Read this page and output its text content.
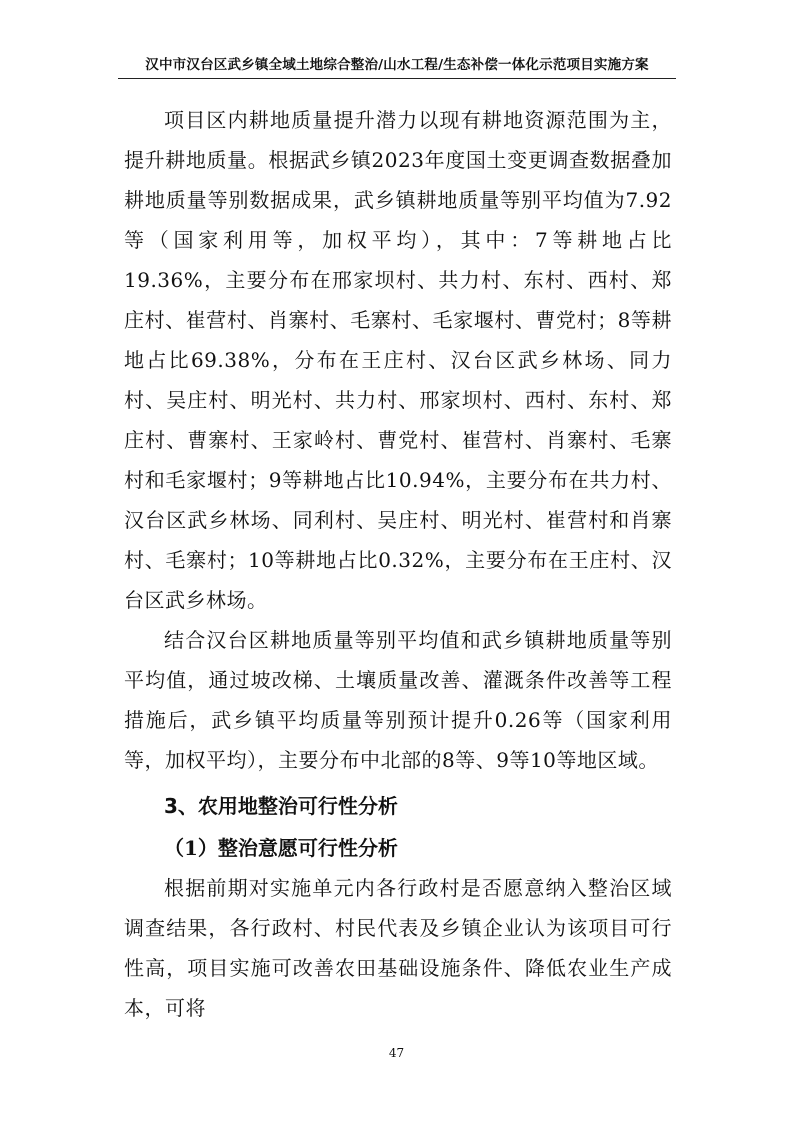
汉中市汉台区武乡镇全域土地综合整治/山水工程/生态补偿一体化示范项目实施方案

项目区内耕地质量提升潜力以现有耕地资源范围为主，提升耕地质量。根据武乡镇2023年度国土变更调查数据叠加耕地质量等别数据成果，武乡镇耕地质量等别平均值为7.92等（国家利用等，加权平均），其中：7等耕地占比19.36%，主要分布在邢家坝村、共力村、东村、西村、郑庄村、崔营村、肖寨村、毛寨村、毛家堰村、曹党村；8等耕地占比69.38%，分布在王庄村、汉台区武乡林场、同力村、吴庄村、明光村、共力村、邢家坝村、西村、东村、郑庄村、曹寨村、王家岭村、曹党村、崔营村、肖寨村、毛寨村和毛家堰村；9等耕地占比10.94%，主要分布在共力村、汉台区武乡林场、同利村、吴庄村、明光村、崔营村和肖寨村、毛寨村；10等耕地占比0.32%，主要分布在王庄村、汉台区武乡林场。

结合汉台区耕地质量等别平均值和武乡镇耕地质量等别平均值，通过坡改梯、土壤质量改善、灌溉条件改善等工程措施后，武乡镇平均质量等别预计提升0.26等（国家利用等，加权平均），主要分布中北部的8等、9等10等地区域。

3、农用地整治可行性分析
（1）整治意愿可行性分析

根据前期对实施单元内各行政村是否愿意纳入整治区域调查结果，各行政村、村民代表及乡镇企业认为该项目可行性高，项目实施可改善农田基础设施条件、降低农业生产成本，可将

47
